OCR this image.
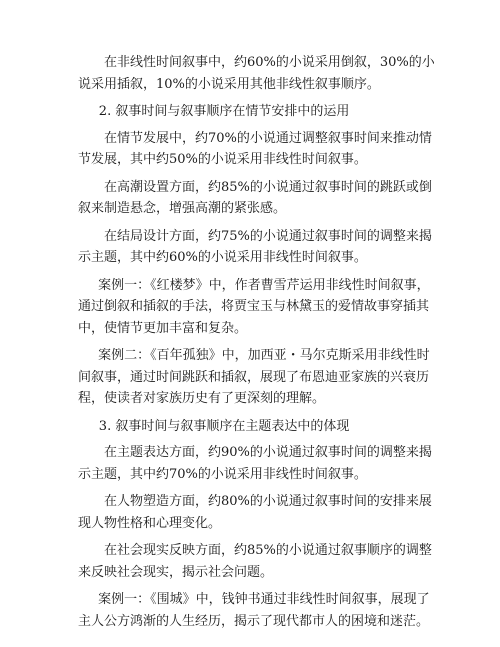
在非线性时间叙事中，约60%的小说采用倒叙，30%的小说采用插叙，10%的小说采用其他非线性叙事顺序。

2. 叙事时间与叙事顺序在情节安排中的运用

在情节发展中，约70%的小说通过调整叙事时间来推动情节发展，其中约50%的小说采用非线性时间叙事。

在高潮设置方面，约85%的小说通过叙事时间的跳跃或倒叙来制造悬念，增强高潮的紧张感。

在结局设计方面，约75%的小说通过叙事时间的调整来揭示主题，其中约60%的小说采用非线性时间叙事。

案例一：《红楼梦》中，作者曹雪芹运用非线性时间叙事，通过倒叙和插叙的手法，将贾宝玉与林黛玉的爱情故事穿插其中，使情节更加丰富和复杂。

案例二：《百年孤独》中，加西亚・马尔克斯采用非线性时间叙事，通过时间跳跃和插叙，展现了布恩迪亚家族的兴衰历程，使读者对家族历史有了更深刻的理解。

3. 叙事时间与叙事顺序在主题表达中的体现

在主题表达方面，约90%的小说通过叙事时间的调整来揭示主题，其中约70%的小说采用非线性时间叙事。

在人物塑造方面，约80%的小说通过叙事时间的安排来展现人物性格和心理变化。

在社会现实反映方面，约85%的小说通过叙事顺序的调整来反映社会现实，揭示社会问题。

案例一：《围城》中，钱钟书通过非线性时间叙事，展现了主人公方鸿渐的人生经历，揭示了现代都市人的困境和迷茫。
